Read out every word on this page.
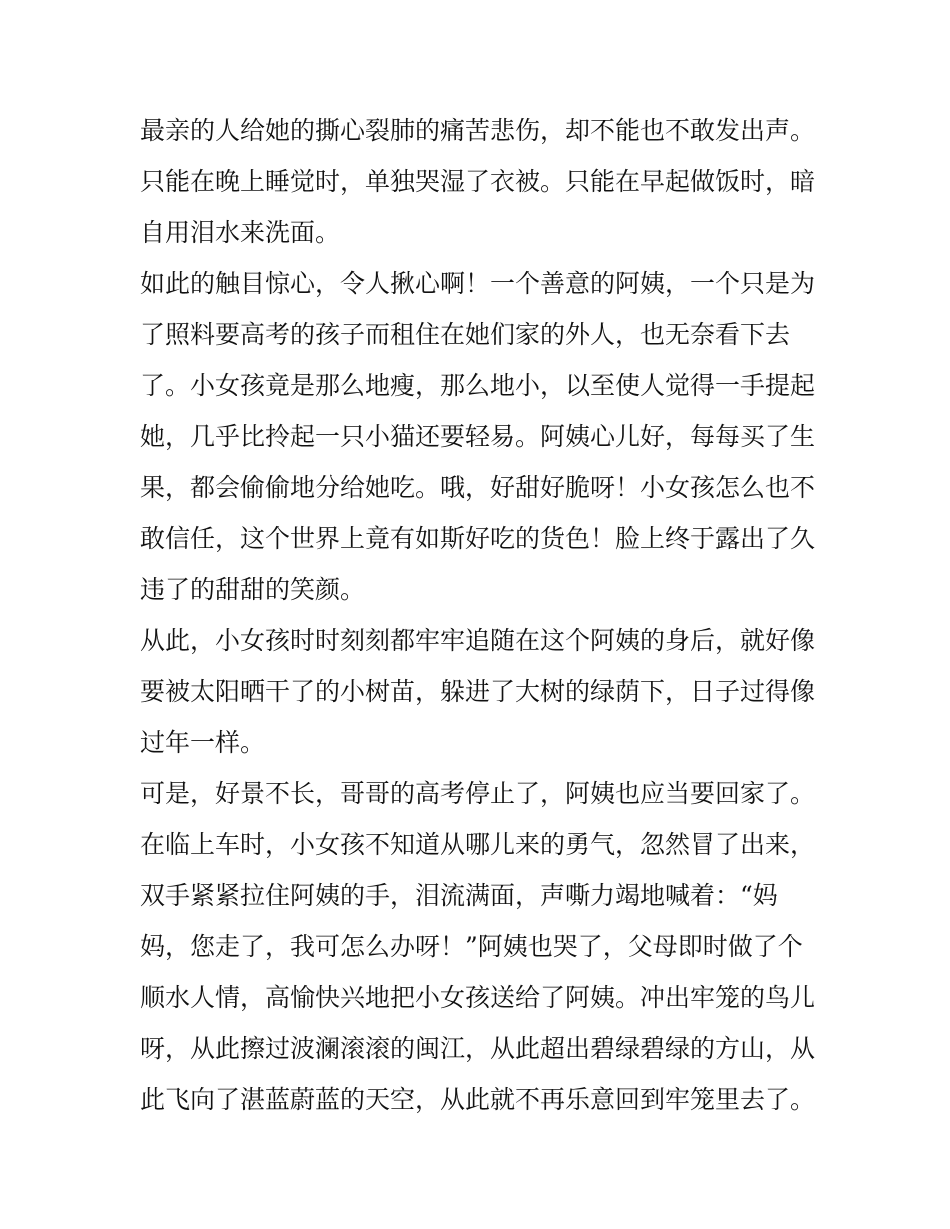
最亲的人给她的撕心裂肺的痛苦悲伤，却不能也不敢发出声。
只能在晚上睡觉时，单独哭湿了衣被。只能在早起做饭时，暗
自用泪水来洗面。
如此的触目惊心，令人揪心啊！一个善意的阿姨，一个只是为
了照料要高考的孩子而租住在她们家的外人，也无奈看下去
了。小女孩竟是那么地瘦，那么地小，以至使人觉得一手提起
她，几乎比拎起一只小猫还要轻易。阿姨心儿好，每每买了生
果，都会偷偷地分给她吃。哦，好甜好脆呀！小女孩怎么也不
敢信任，这个世界上竟有如斯好吃的货色！脸上终于露出了久
违了的甜甜的笑颜。
从此，小女孩时时刻刻都牢牢追随在这个阿姨的身后，就好像
要被太阳晒干了的小树苗，躲进了大树的绿荫下，日子过得像
过年一样。
可是，好景不长，哥哥的高考停止了，阿姨也应当要回家了。
在临上车时，小女孩不知道从哪儿来的勇气，忽然冒了出来，
双手紧紧拉住阿姨的手，泪流满面，声嘶力竭地喊着：“妈
妈，您走了，我可怎么办呀！”阿姨也哭了，父母即时做了个
顺水人情，高愉快兴地把小女孩送给了阿姨。冲出牢笼的鸟儿
呀，从此擦过波澜滚滚的闽江，从此超出碧绿碧绿的方山，从
此飞向了湛蓝蔚蓝的天空，从此就不再乐意回到牢笼里去了。
